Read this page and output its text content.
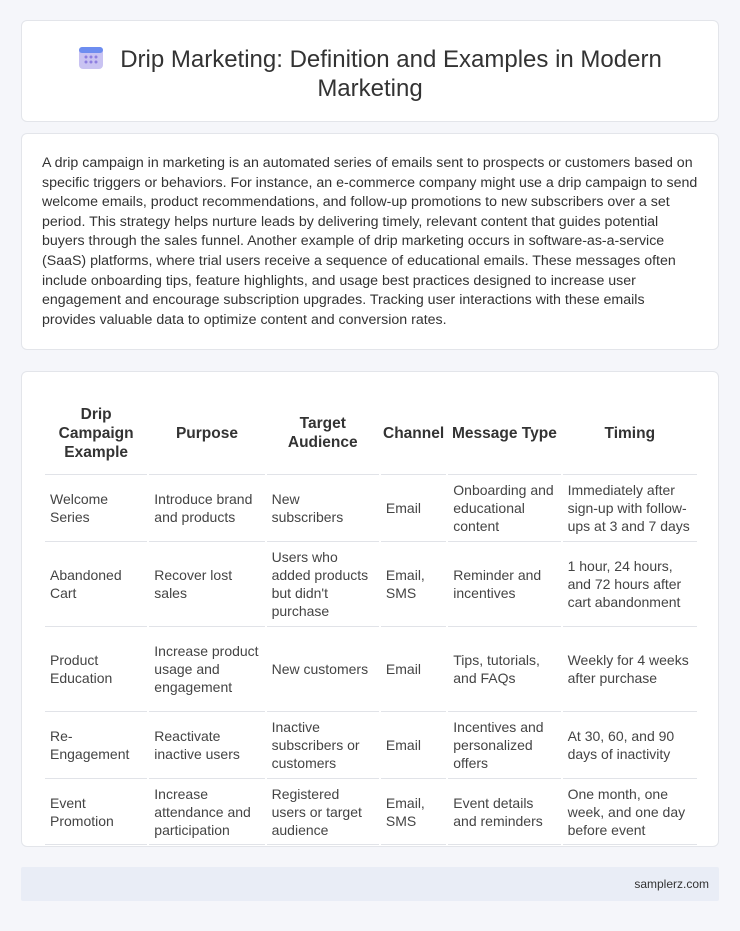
Drip Marketing: Definition and Examples in Modern Marketing

A drip campaign in marketing is an automated series of emails sent to prospects or customers based on specific triggers or behaviors. For instance, an e-commerce company might use a drip campaign to send welcome emails, product recommendations, and follow-up promotions to new subscribers over a set period. This strategy helps nurture leads by delivering timely, relevant content that guides potential buyers through the sales funnel. Another example of drip marketing occurs in software-as-a-service (SaaS) platforms, where trial users receive a sequence of educational emails. These messages often include onboarding tips, feature highlights, and usage best practices designed to increase user engagement and encourage subscription upgrades. Tracking user interactions with these emails provides valuable data to optimize content and conversion rates.

Drip Campaign Example	Purpose	Target Audience	Channel	Message Type	Timing
Welcome Series	Introduce brand and products	New subscribers	Email	Onboarding and educational content	Immediately after sign-up with follow-ups at 3 and 7 days
Abandoned Cart	Recover lost sales	Users who added products but didn't purchase	Email, SMS	Reminder and incentives	1 hour, 24 hours, and 72 hours after cart abandonment
Product Education	Increase product usage and engagement	New customers	Email	Tips, tutorials, and FAQs	Weekly for 4 weeks after purchase
Re-Engagement	Reactivate inactive users	Inactive subscribers or customers	Email	Incentives and personalized offers	At 30, 60, and 90 days of inactivity
Event Promotion	Increase attendance and participation	Registered users or target audience	Email, SMS	Event details and reminders	One month, one week, and one day before event
samplerz.com
